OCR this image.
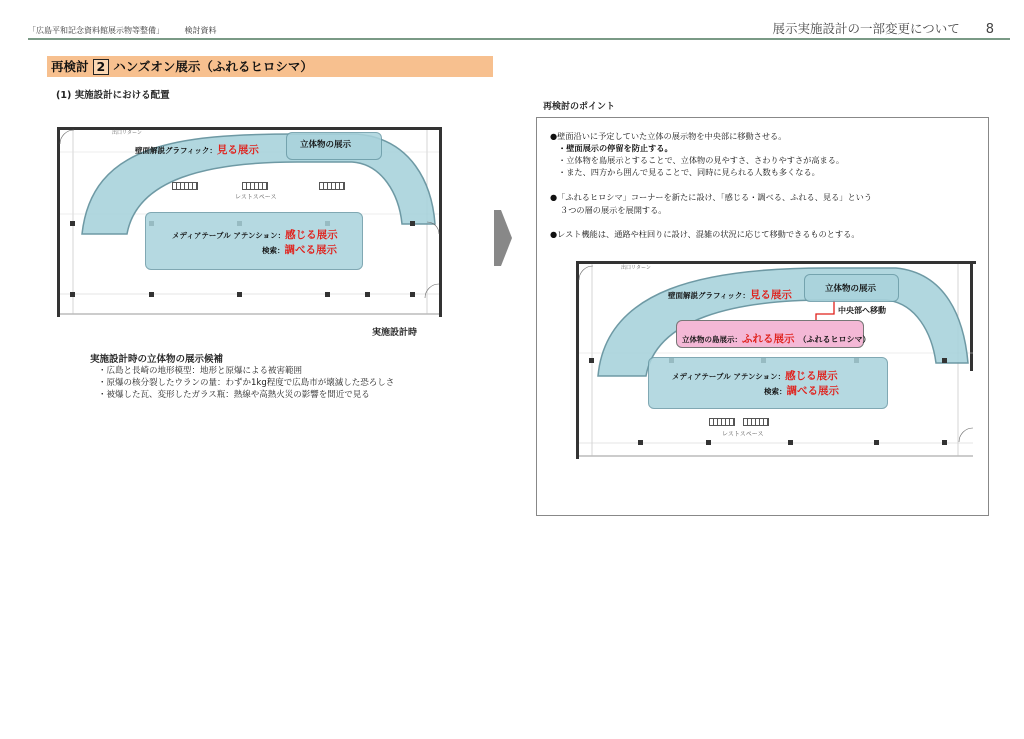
「広島平和記念資料館展示物等整備」	検討資料	展示実施設計の一部変更について 8
再検討 2 ハンズオン展示（ふれるヒロシマ）
(1) 実施設計における配置
レストスペース
出口リターン
立体物の展示
壁面解説グラフィック：見る展示
メディアテーブル アテンション：感じる展示
検索：調べる展示
実施設計時
実施設計時の立体物の展示候補
・広島と長崎の地形模型：地形と原爆による被害範囲
・原爆の核分裂したウランの量：わずか1kg程度で広島市が壊滅した恐ろしさ
・被爆した瓦、変形したガラス瓶：熱線や高熱火災の影響を間近で見る
再検討のポイント
●壁面沿いに予定していた立体の展示物を中央部に移動させる。
・壁面展示の停留を防止する。
・立体物を島展示とすることで、立体物の見やすさ、さわりやすさが高まる。
・また、四方から囲んで見ることで、同時に見られる人数も多くなる。
●「ふれるヒロシマ」コーナーを新たに設け、「感じる・調べる、ふれる、見る」という
３つの層の展示を展開する。
●レスト機能は、通路や柱回りに設け、混雑の状況に応じて移動できるものとする。
出口リターン
立体物の展示
壁面解説グラフィック：見る展示
中央部へ移動
立体物の島展示：ふれる展示 （ふれるヒロシマ）
メディアテーブル アテンション：感じる展示
検索：調べる展示
レストスペース
